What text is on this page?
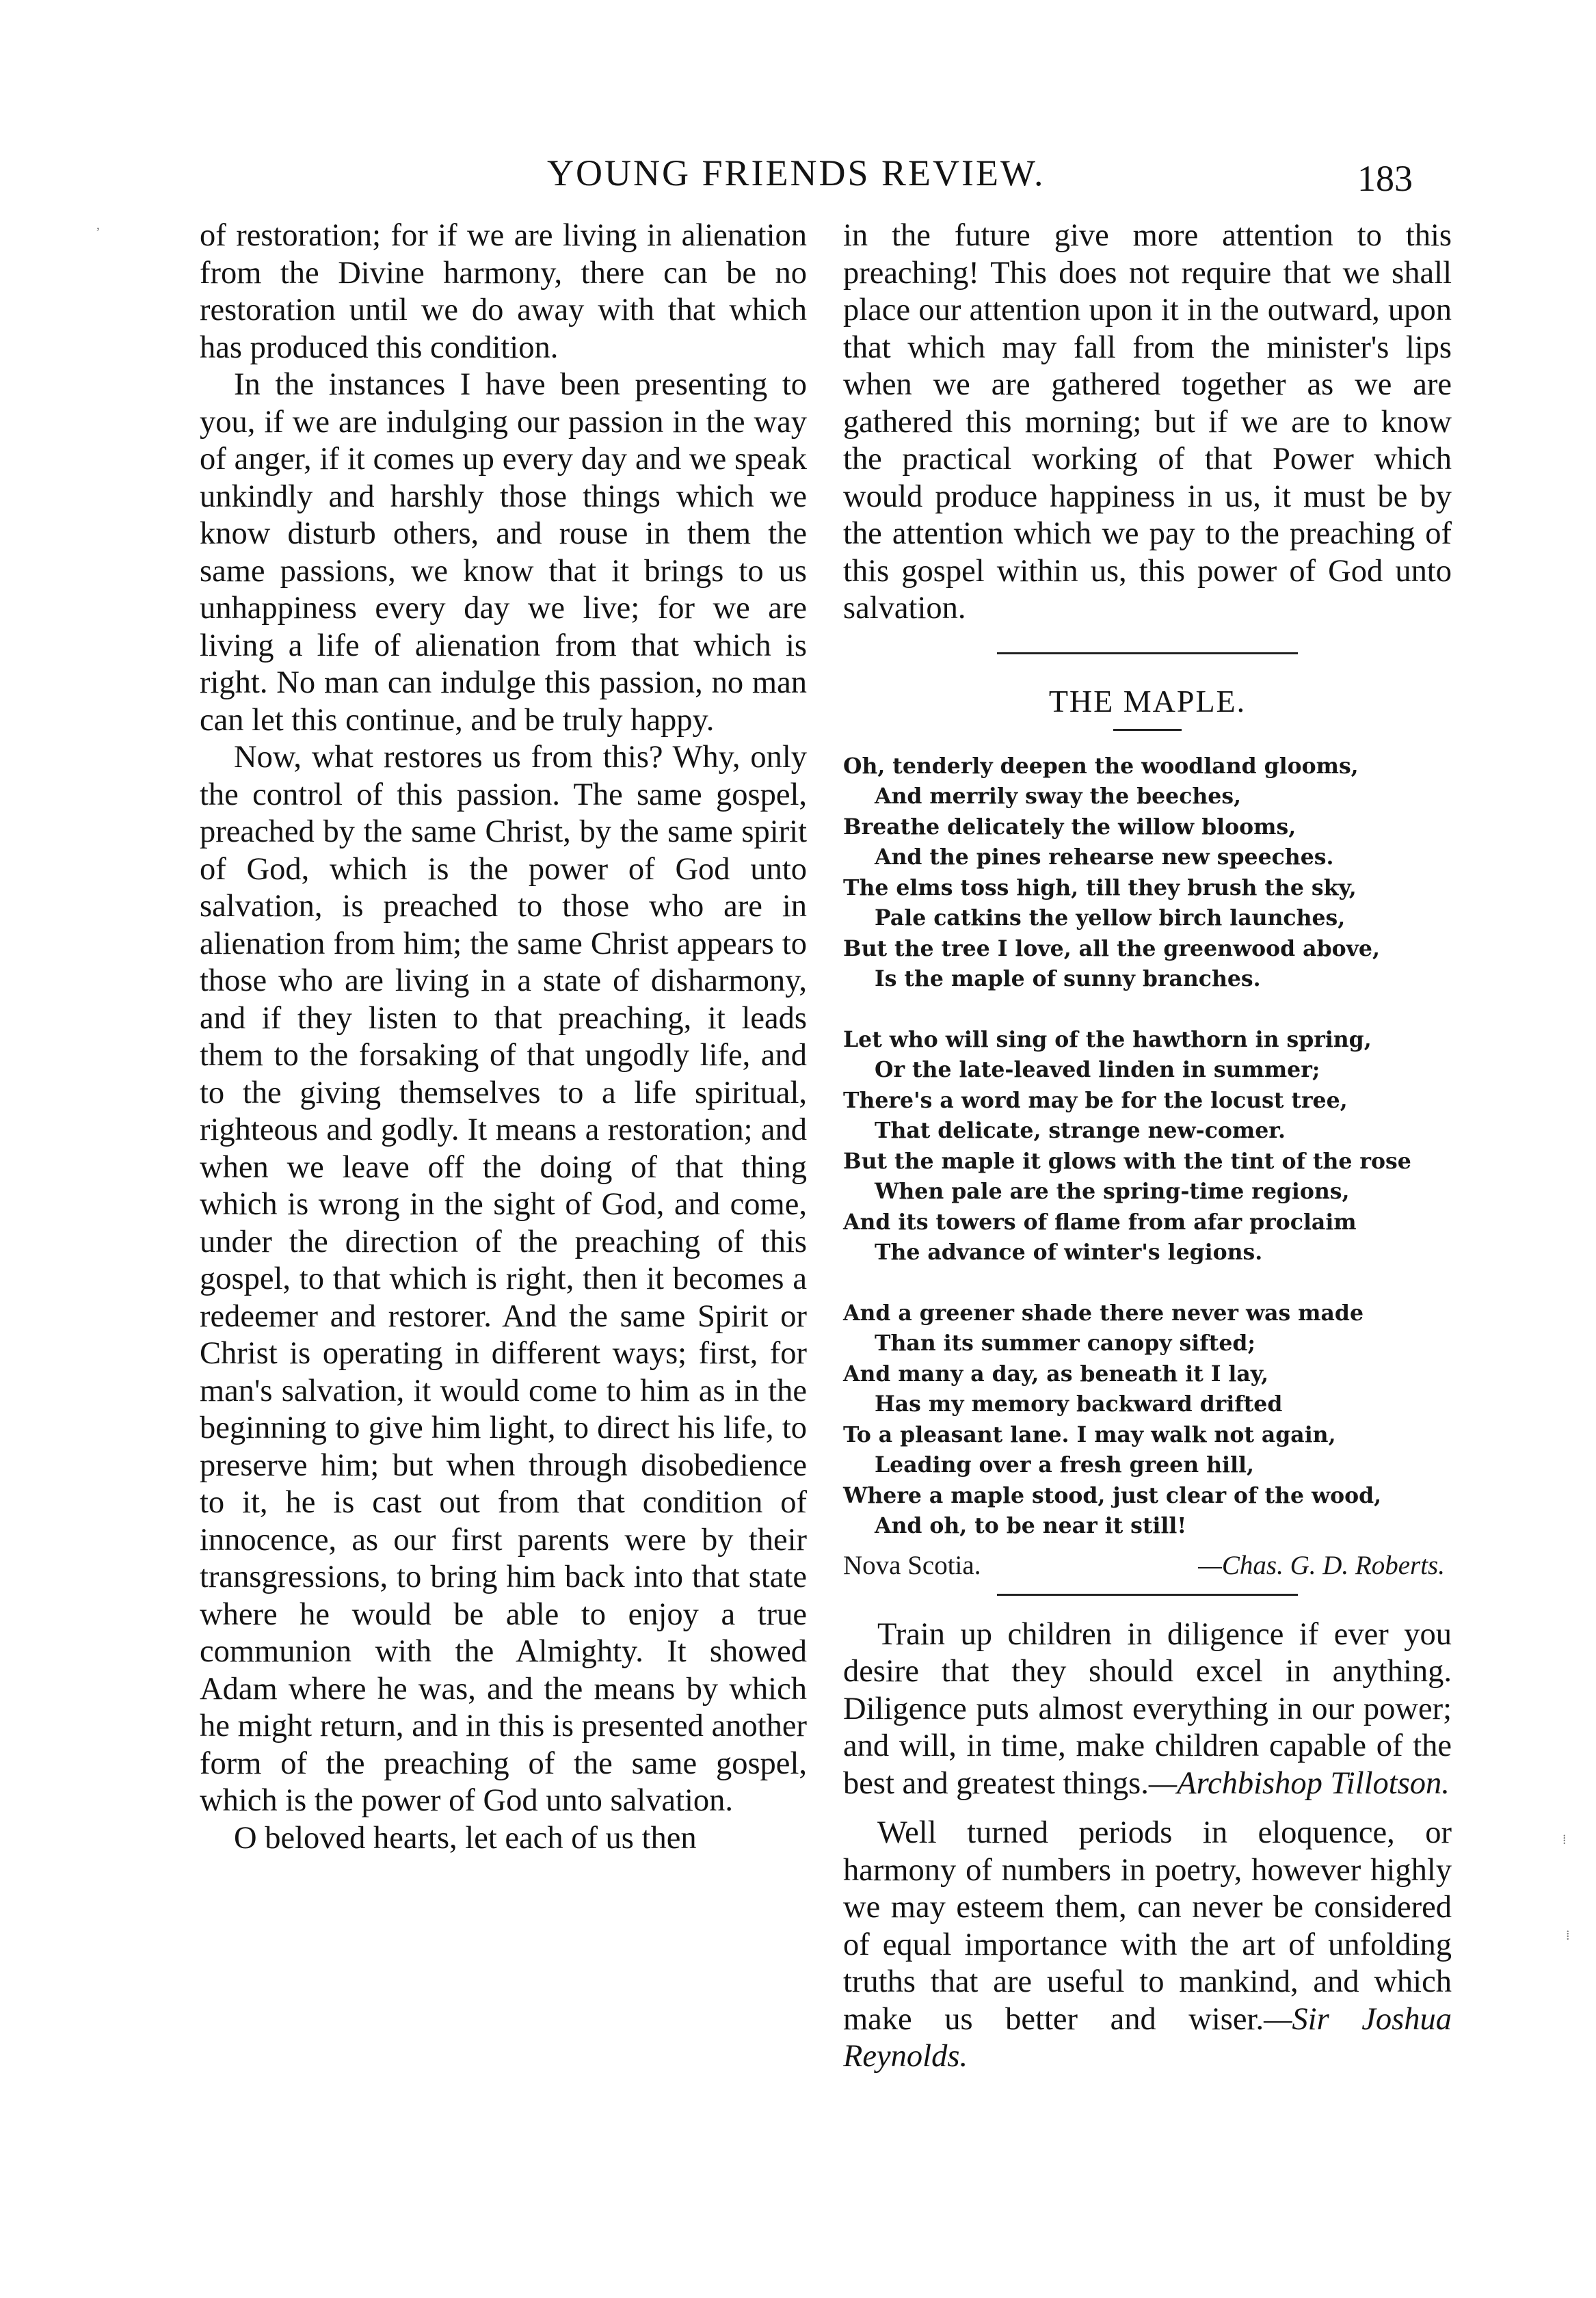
YOUNG FRIENDS REVIEW.	183

of restoration; for if we are living in alienation from the Divine harmony, there can be no restoration until we do away with that which has produced this condition.

In the instances I have been presenting to you, if we are indulging our passion in the way of anger, if it comes up every day and we speak unkindly and harshly those things which we know disturb others, and rouse in them the same passions, we know that it brings to us unhappiness every day we live; for we are living a life of alienation from that which is right. No man can indulge this passion, no man can let this continue, and be truly happy.

Now, what restores us from this? Why, only the control of this passion. The same gospel, preached by the same Christ, by the same spirit of God, which is the power of God unto salvation, is preached to those who are in alienation from him; the same Christ appears to those who are living in a state of disharmony, and if they listen to that preaching, it leads them to the forsaking of that ungodly life, and to the giving themselves to a life spiritual, righteous and godly. It means a restoration; and when we leave off the doing of that thing which is wrong in the sight of God, and come, under the direction of the preaching of this gospel, to that which is right, then it becomes a redeemer and restorer. And the same Spirit or Christ is operating in different ways; first, for man's salvation, it would come to him as in the beginning to give him light, to direct his life, to preserve him; but when through disobedience to it, he is cast out from that condition of innocence, as our first parents were by their transgressions, to bring him back into that state where he would be able to enjoy a true communion with the Almighty. It showed Adam where he was, and the means by which he might return, and in this is presented another form of the preaching of the same gospel, which is the power of God unto salvation.

O beloved hearts, let each of us then

in the future give more attention to this preaching! This does not require that we shall place our attention upon it in the outward, upon that which may fall from the minister's lips when we are gathered together as we are gathered this morning; but if we are to know the practical working of that Power which would produce happiness in us, it must be by the attention which we pay to the preaching of this gospel within us, this power of God unto salvation.

THE MAPLE.
Oh, tenderly deepen the woodland glooms,
And merrily sway the beeches,
Breathe delicately the willow blooms,
And the pines rehearse new speeches.
The elms toss high, till they brush the sky,
Pale catkins the yellow birch launches,
But the tree I love, all the greenwood above,
Is the maple of sunny branches.
Let who will sing of the hawthorn in spring,
Or the late-leaved linden in summer;
There's a word may be for the locust tree,
That delicate, strange new-comer.
But the maple it glows with the tint of the rose
When pale are the spring-time regions,
And its towers of flame from afar proclaim
The advance of winter's legions.
And a greener shade there never was made
Than its summer canopy sifted;
And many a day, as beneath it I lay,
Has my memory backward drifted
To a pleasant lane. I may walk not again,
Leading over a fresh green hill,
Where a maple stood, just clear of the wood,
And oh, to be near it still!
Nova Scotia.	—Chas. G. D. Roberts.

Train up children in diligence if ever you desire that they should excel in anything. Diligence puts almost everything in our power; and will, in time, make children capable of the best and greatest things.—Archbishop Tillotson.

Well turned periods in eloquence, or harmony of numbers in poetry, however highly we may esteem them, can never be considered of equal importance with the art of unfolding truths that are useful to mankind, and which make us better and wiser.—Sir Joshua Reynolds.

⁞
⁞
‚
